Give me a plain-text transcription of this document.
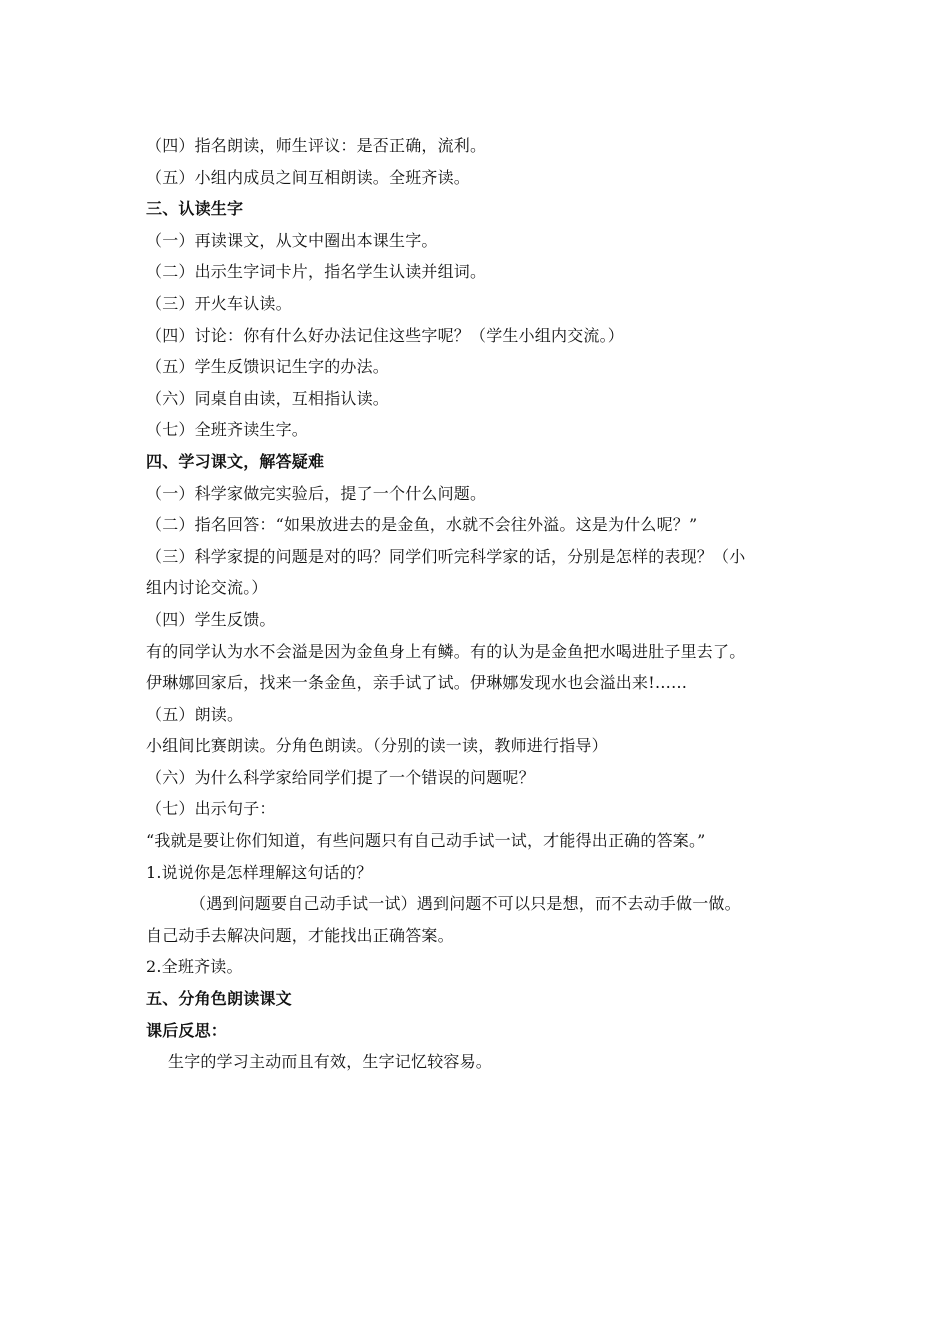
（四）指名朗读，师生评议：是否正确，流利。
（五）小组内成员之间互相朗读。全班齐读。
三、认读生字
（一）再读课文，从文中圈出本课生字。
（二）出示生字词卡片，指名学生认读并组词。
（三）开火车认读。
（四）讨论：你有什么好办法记住这些字呢？（学生小组内交流。）
（五）学生反馈识记生字的办法。
（六）同桌自由读，互相指认读。
（七）全班齐读生字。
四、学习课文，解答疑难
（一）科学家做完实验后，提了一个什么问题。
（二）指名回答：“如果放进去的是金鱼，水就不会往外溢。这是为什么呢？”
（三）科学家提的问题是对的吗？同学们听完科学家的话，分别是怎样的表现？（小
组内讨论交流。）
（四）学生反馈。
有的同学认为水不会溢是因为金鱼身上有鳞。有的认为是金鱼把水喝进肚子里去了。
伊琳娜回家后，找来一条金鱼，亲手试了试。伊琳娜发现水也会溢出来!……
（五）朗读。
小组间比赛朗读。分角色朗读。（分别的读一读，教师进行指导）
（六）为什么科学家给同学们提了一个错误的问题呢？
（七）出示句子：
“我就是要让你们知道，有些问题只有自己动手试一试，才能得出正确的答案。”
1.说说你是怎样理解这句话的？
（遇到问题要自己动手试一试）遇到问题不可以只是想，而不去动手做一做。
自己动手去解决问题，才能找出正确答案。
2.全班齐读。
五、分角色朗读课文
课后反思：
生字的学习主动而且有效，生字记忆较容易。
